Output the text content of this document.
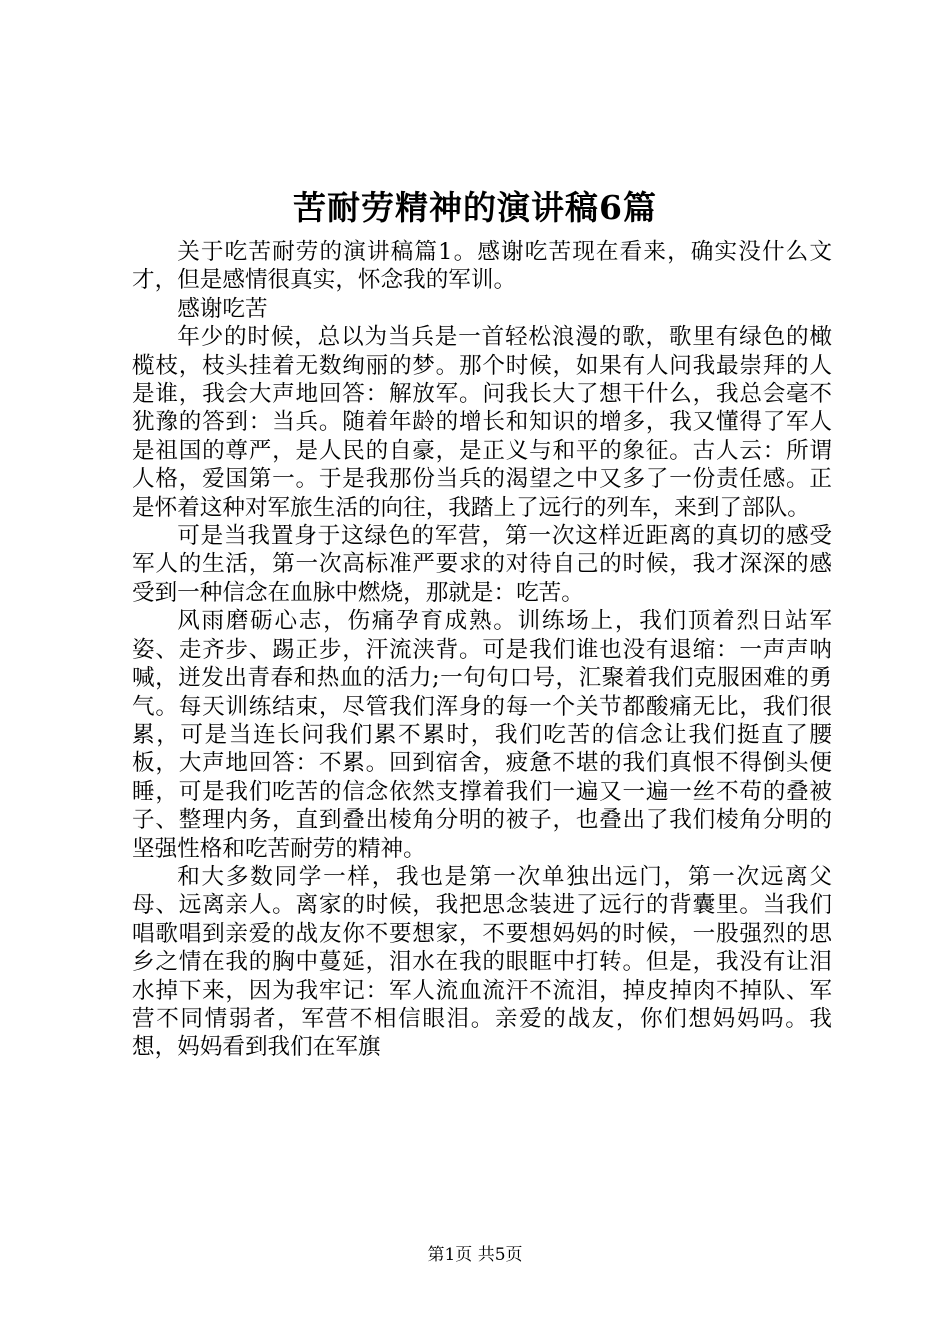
苦耐劳精神的演讲稿6篇

关于吃苦耐劳的演讲稿篇1。感谢吃苦现在看来，确实没什么文才，但是感情很真实，怀念我的军训。

感谢吃苦

年少的时候，总以为当兵是一首轻松浪漫的歌，歌里有绿色的橄榄枝，枝头挂着无数绚丽的梦。那个时候，如果有人问我最崇拜的人是谁，我会大声地回答：解放军。问我长大了想干什么，我总会毫不犹豫的答到：当兵。随着年龄的增长和知识的增多，我又懂得了军人是祖国的尊严，是人民的自豪，是正义与和平的象征。古人云：所谓人格，爱国第一。于是我那份当兵的渴望之中又多了一份责任感。正是怀着这种对军旅生活的向往，我踏上了远行的列车，来到了部队。

可是当我置身于这绿色的军营，第一次这样近距离的真切的感受军人的生活，第一次高标准严要求的对待自己的时候，我才深深的感受到一种信念在血脉中燃烧，那就是：吃苦。

风雨磨砺心志，伤痛孕育成熟。训练场上，我们顶着烈日站军姿、走齐步、踢正步，汗流浃背。可是我们谁也没有退缩：一声声呐喊，迸发出青春和热血的活力;一句句口号，汇聚着我们克服困难的勇气。每天训练结束，尽管我们浑身的每一个关节都酸痛无比，我们很累，可是当连长问我们累不累时，我们吃苦的信念让我们挺直了腰板，大声地回答：不累。回到宿舍，疲惫不堪的我们真恨不得倒头便睡，可是我们吃苦的信念依然支撑着我们一遍又一遍一丝不苟的叠被子、整理内务，直到叠出棱角分明的被子，也叠出了我们棱角分明的坚强性格和吃苦耐劳的精神。

和大多数同学一样，我也是第一次单独出远门，第一次远离父母、远离亲人。离家的时候，我把思念装进了远行的背囊里。当我们唱歌唱到亲爱的战友你不要想家，不要想妈妈的时候，一股强烈的思乡之情在我的胸中蔓延，泪水在我的眼眶中打转。但是，我没有让泪水掉下来，因为我牢记：军人流血流汗不流泪，掉皮掉肉不掉队、军营不同情弱者，军营不相信眼泪。亲爱的战友，你们想妈妈吗。我想，妈妈看到我们在军旗

第1页 共5页
